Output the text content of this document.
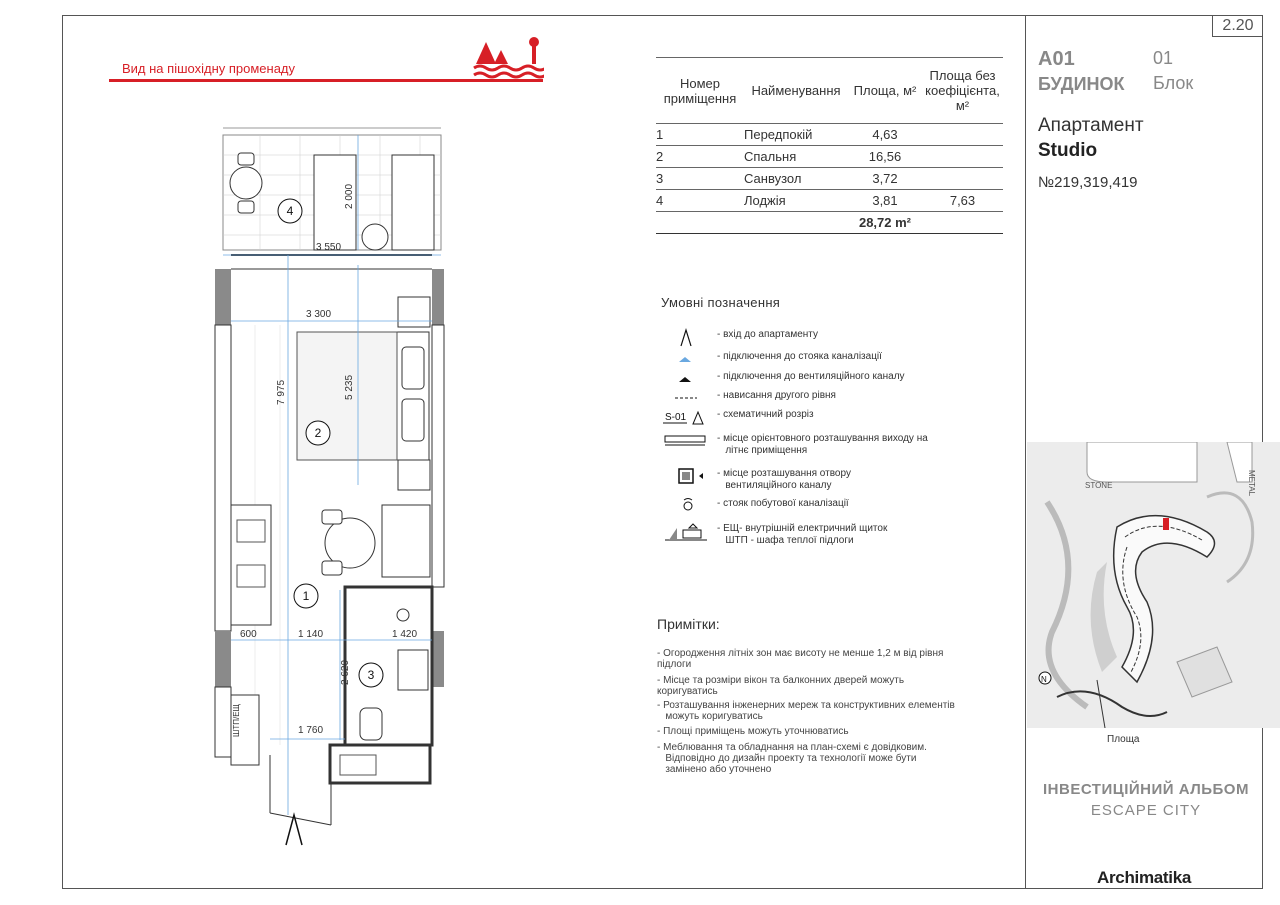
2.20
Вид на пішохідну променаду
3 550
2 000
3 300
7 975	5 235
600	1 140	1 420
2 620
1 760
4
2
1
3
ШТП/ЕЩ
Номер приміщення	Найменування	Площа, м²	Площа без коефіцієнта, м²
1	Передпокій	4,63	
2	Спальня	16,56	
3	Санвузол	3,72	
4	Лоджія	3,81	7,63
		28,72 m²	
Умовні позначення
- вхід до апартаменту
- підключення до стояка каналізації
- підключення до вентиляційного каналу
- нависання другого рівня
S-01	- схематичний розріз
- місце орієнтовного розташування виходу на
літнє приміщення
- місце розташування отвору
вентиляційного каналу
- стояк побутової каналізації
- ЕЩ- внутрішній електричний щиток
ШТП - шафа теплої підлоги
Примітки:
- Огородження літніх зон має висоту не менше 1,2 м від рівня підлоги
- Місце та розміри вікон та балконних дверей можуть коригуватись
- Розташування інженерних мереж та конструктивних елементів
можуть коригуватись
- Площі приміщень можуть уточнюватись
- Меблювання та обладнання на план-схемі є довідковим.
Відповідно до дизайн проекту та технології може бути
замінено або уточнено
A01
БУДИНОК
01
Блок
Апартамент
Studio
№219,319,419
STONE	METAL
N
Площа
ІНВЕСТИЦІЙНИЙ АЛЬБОМ
ESCAPE CITY
Archimatika
